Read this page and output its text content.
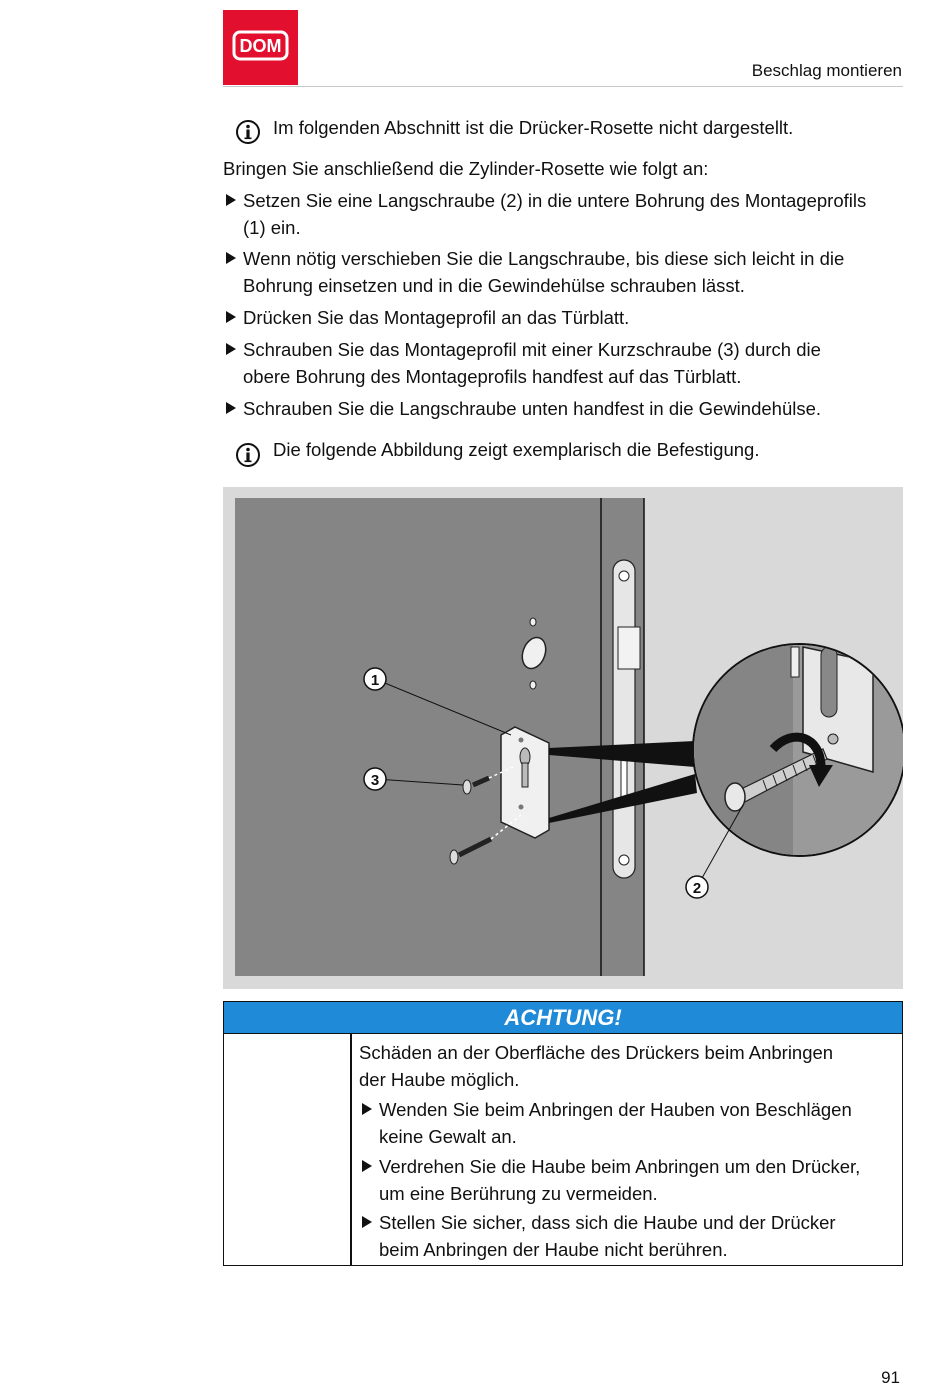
DOM
Beschlag montieren
Im folgenden Abschnitt ist die Drücker-Rosette nicht dargestellt.
Bringen Sie anschließend die Zylinder-Rosette wie folgt an:
Setzen Sie eine Langschraube (2) in die untere Bohrung des Montageprofils
(1) ein.
Wenn nötig verschieben Sie die Langschraube, bis diese sich leicht in die
Bohrung einsetzen und in die Gewindehülse schrauben lässt.
Drücken Sie das Montageprofil an das Türblatt.
Schrauben Sie das Montageprofil mit einer Kurzschraube (3) durch die
obere Bohrung des Montageprofils handfest auf das Türblatt.
Schrauben Sie die Langschraube unten handfest in die Gewindehülse.
Die folgende Abbildung zeigt exemplarisch die Befestigung.
1
3
2
ACHTUNG!
Schäden an der Oberfläche des Drückers beim Anbringen
der Haube möglich.
Wenden Sie beim Anbringen der Hauben von Beschlägen
keine Gewalt an.
Verdrehen Sie die Haube beim Anbringen um den Drücker,
um eine Berührung zu vermeiden.
Stellen Sie sicher, dass sich die Haube und der Drücker
beim Anbringen der Haube nicht berühren.
91
